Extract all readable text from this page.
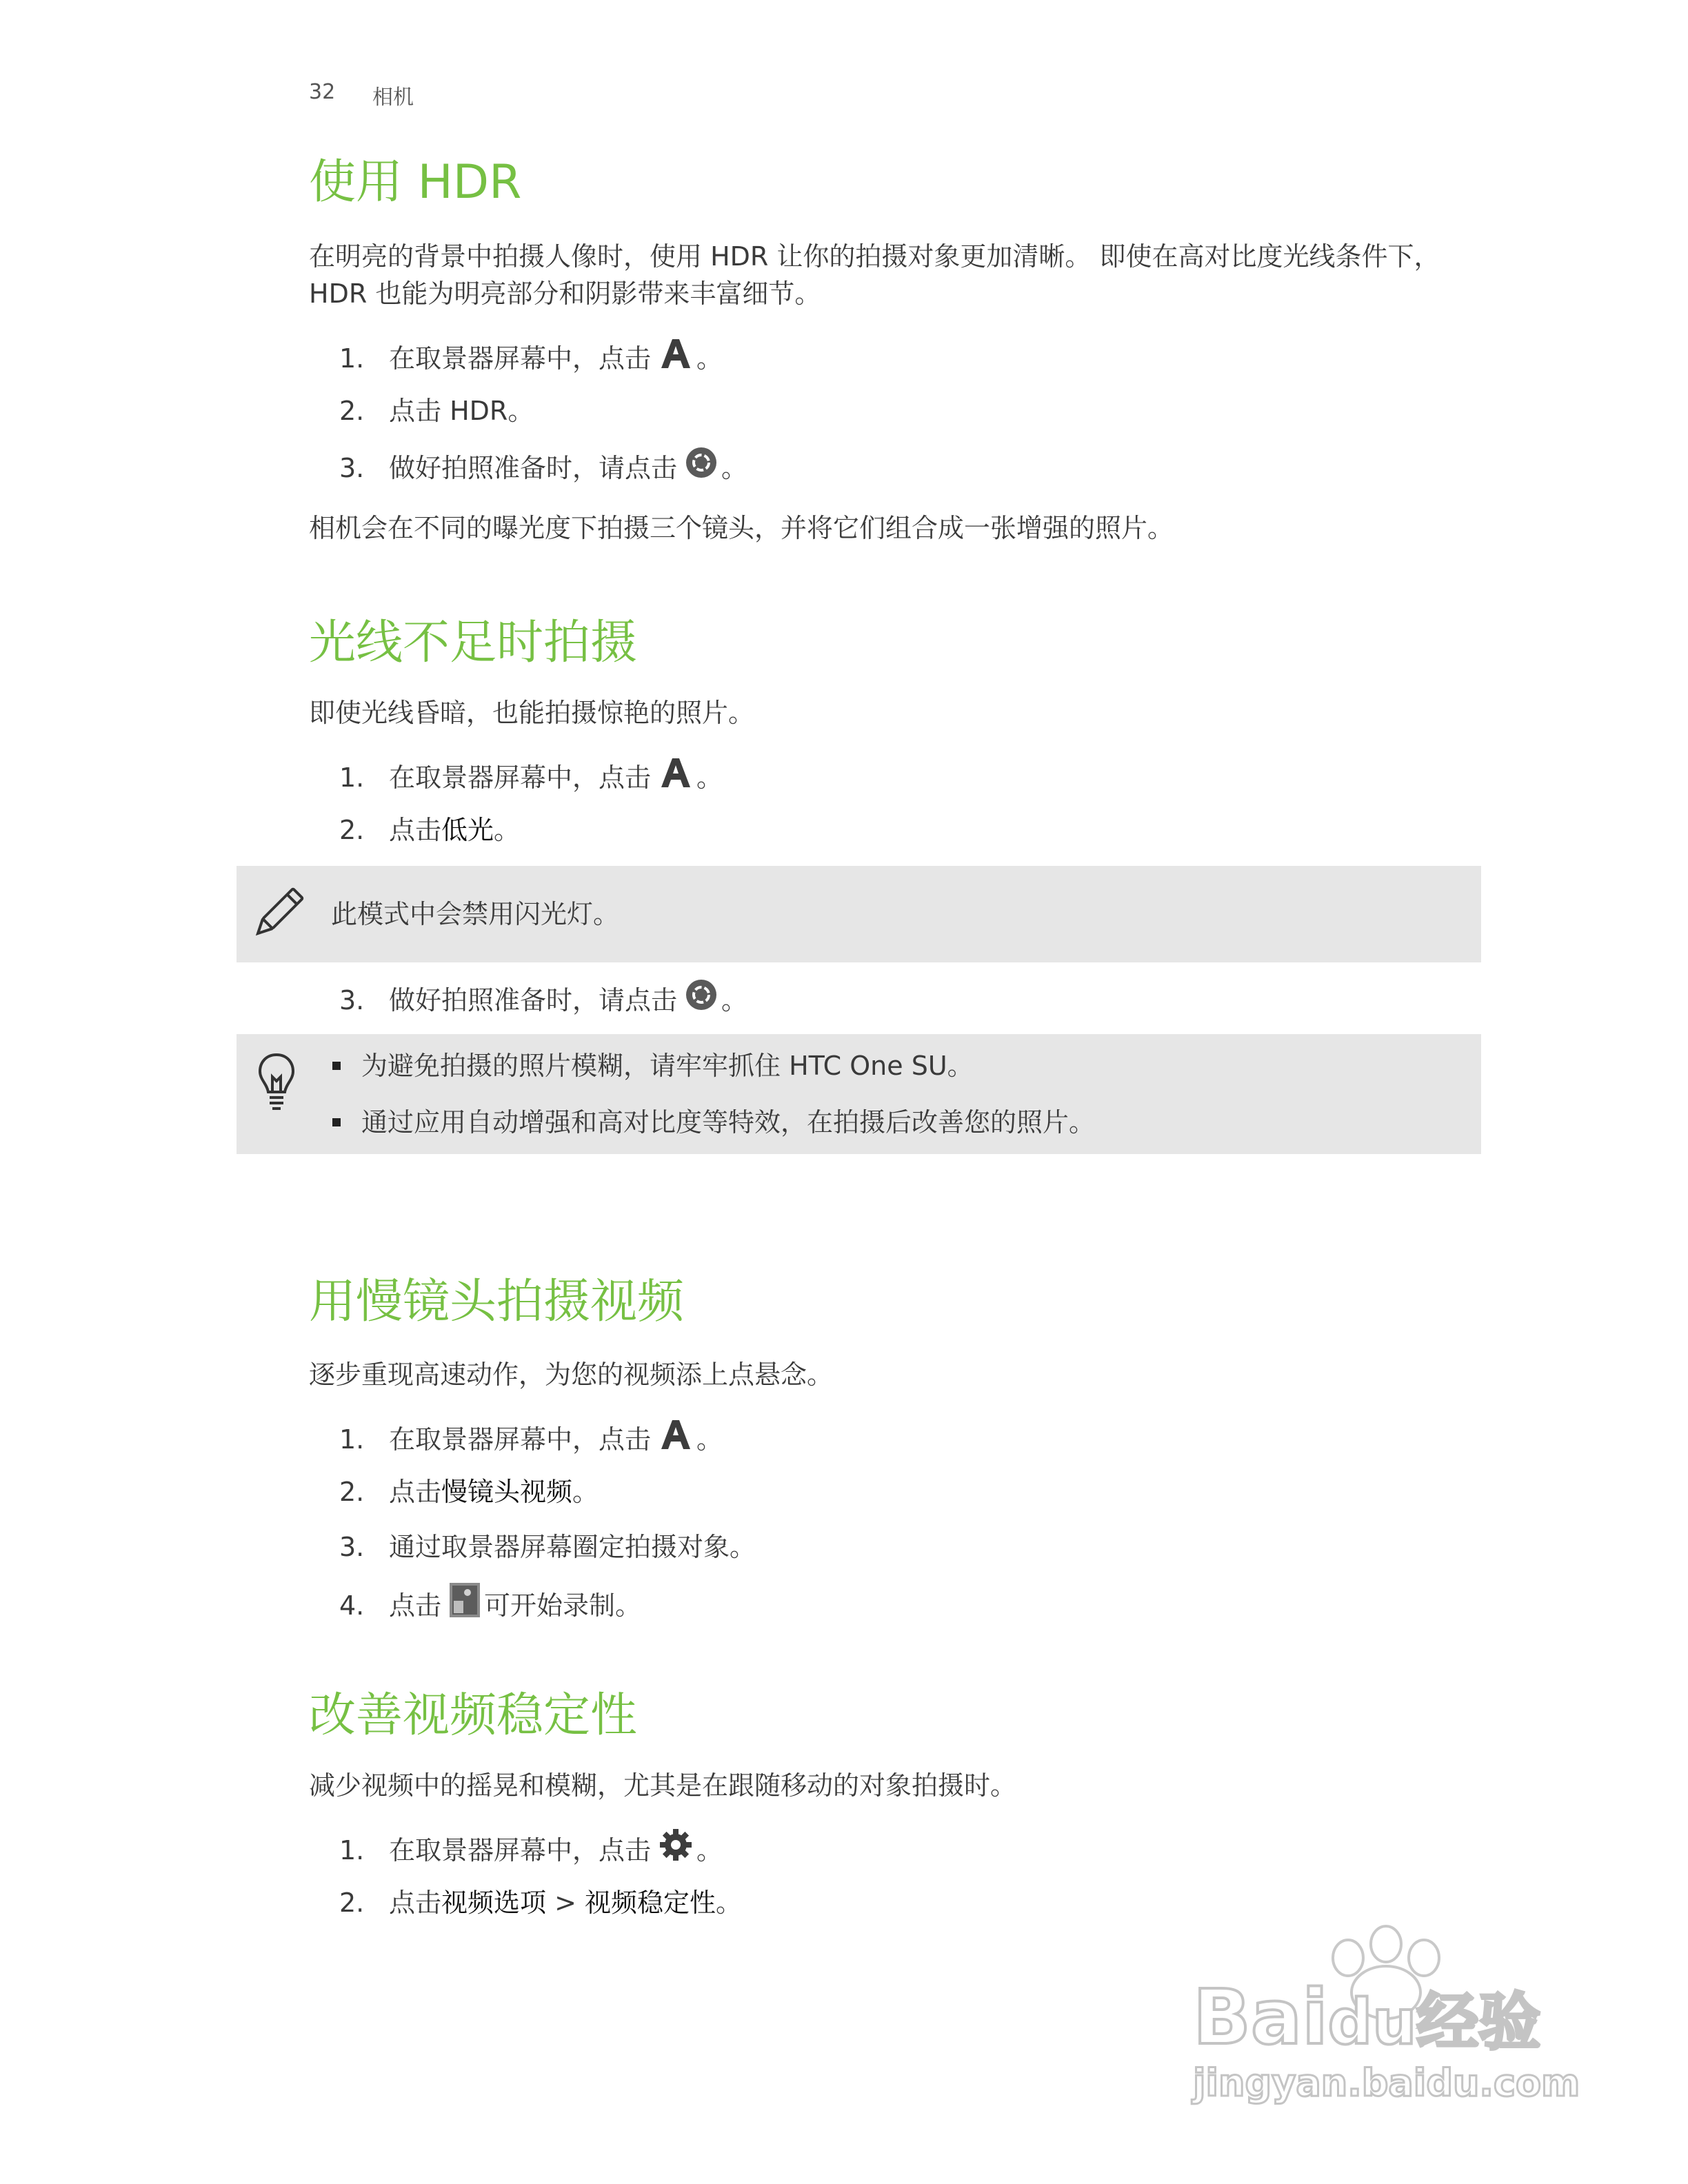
32 相机
使用 HDR
在明亮的背景中拍摄人像时，使用 HDR 让你的拍摄对象更加清晰。 即使在高对比度光线条件下，
HDR 也能为明亮部分和阴影带来丰富细节。
1. 在取景器屏幕中，点击 。
2. 点击 HDR。
3. 做好拍照准备时，请点击 。
相机会在不同的曝光度下拍摄三个镜头，并将它们组合成一张增强的照片。
光线不足时拍摄
即使光线昏暗，也能拍摄惊艳的照片。
1. 在取景器屏幕中，点击 。
2. 点击 低光 。
此模式中会禁用闪光灯。
3. 做好拍照准备时，请点击 。
为避免拍摄的照片模糊，请牢牢抓住 HTC One SU。
通过应用自动增强和高对比度等特效，在拍摄后改善您的照片。
用慢镜头拍摄视频
逐步重现高速动作，为您的视频添上点悬念。
1. 在取景器屏幕中，点击 。
2. 点击 慢镜头视频 。
3. 通过取景器屏幕圈定拍摄对象。
4. 点击 可开始录制。
改善视频稳定性
减少视频中的摇晃和模糊，尤其是在跟随移动的对象拍摄时。
1. 在取景器屏幕中，点击 。
2. 点击 视频选项 > 视频稳定性 。
Baidu经验
jingyan.baidu.com
